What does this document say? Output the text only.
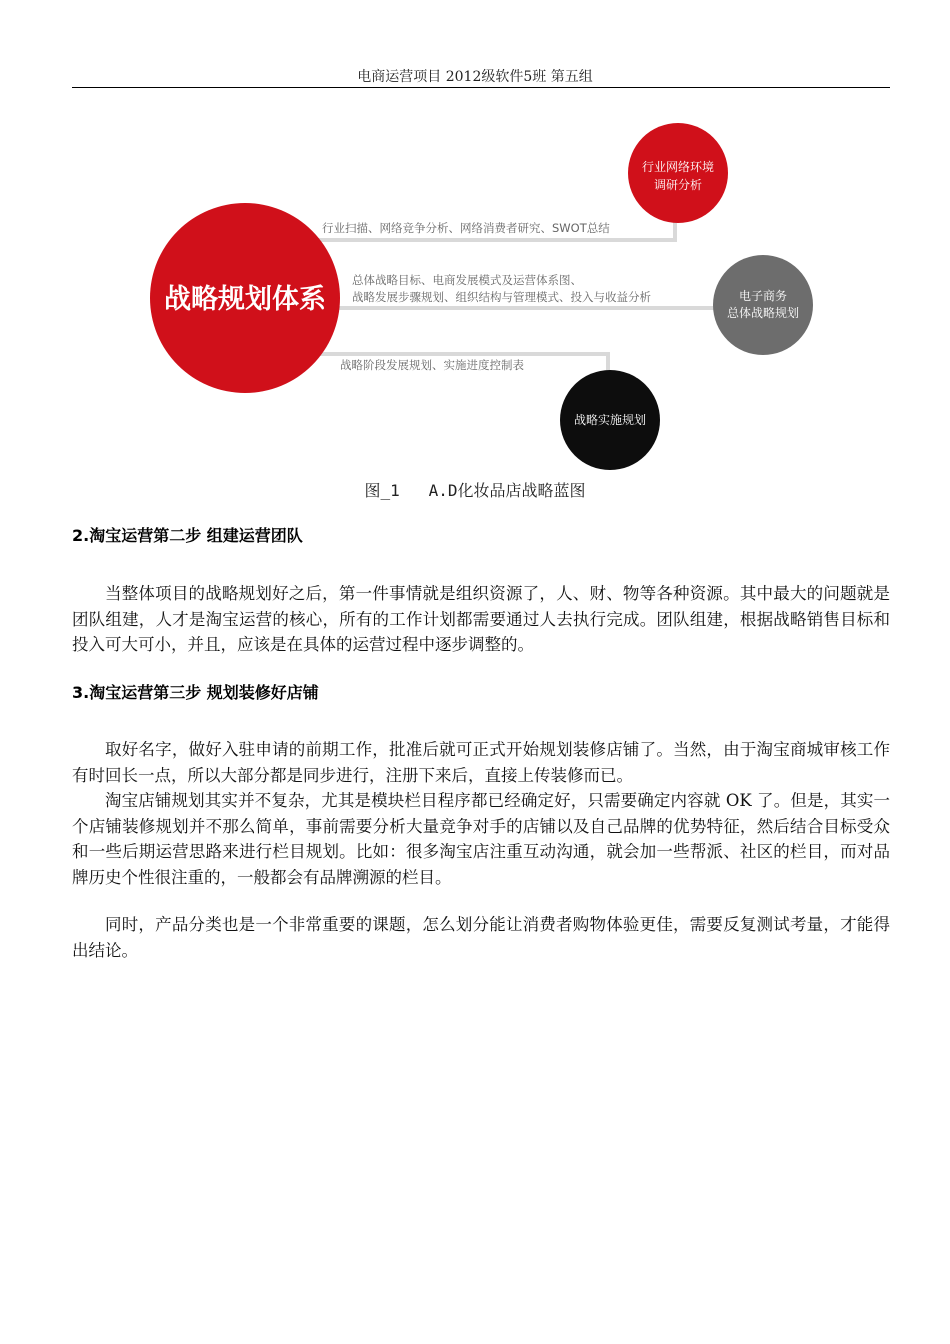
电商运营项目 2012级软件5班 第五组
行业扫描、网络竞争分析、网络消费者研究、SWOT总结
总体战略目标、电商发展模式及运营体系图、
战略发展步骤规划、组织结构与管理模式、投入与收益分析
战略阶段发展规划、实施进度控制表
战略规划体系
行业网络环境
调研分析
电子商务
总体战略规划
战略实施规划
图_1   A.D化妆品店战略蓝图
2.淘宝运营第二步 组建运营团队
当整体项目的战略规划好之后，第一件事情就是组织资源了，人、财、物等各种资源。其中最大的问题就是团队组建，人才是淘宝运营的核心，所有的工作计划都需要通过人去执行完成。团队组建，根据战略销售目标和投入可大可小，并且，应该是在具体的运营过程中逐步调整的。
3.淘宝运营第三步 规划装修好店铺
取好名字，做好入驻申请的前期工作，批准后就可正式开始规划装修店铺了。当然，由于淘宝商城审核工作有时回长一点，所以大部分都是同步进行，注册下来后，直接上传装修而已。
淘宝店铺规划其实并不复杂，尤其是模块栏目程序都已经确定好，只需要确定内容就 OK 了。但是，其实一个店铺装修规划并不那么简单，事前需要分析大量竞争对手的店铺以及自己品牌的优势特征，然后结合目标受众和一些后期运营思路来进行栏目规划。比如：很多淘宝店注重互动沟通，就会加一些帮派、社区的栏目，而对品牌历史个性很注重的，一般都会有品牌溯源的栏目。
同时，产品分类也是一个非常重要的课题，怎么划分能让消费者购物体验更佳，需要反复测试考量，才能得出结论。
